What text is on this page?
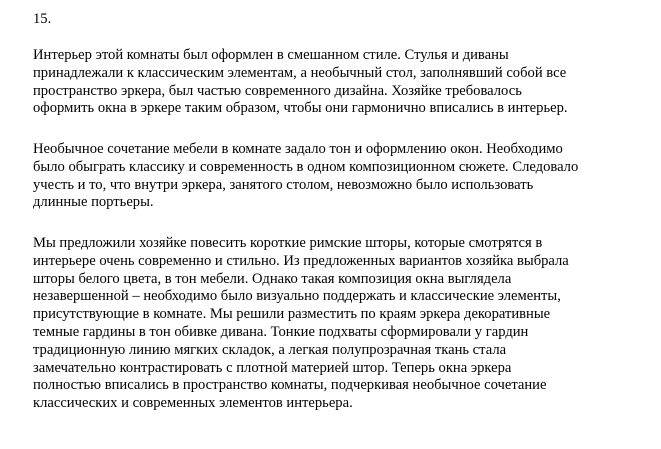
15.
Интерьер этой комнаты был оформлен в смешанном стиле. Стулья и диваны
принадлежали к классическим элементам, а необычный стол, заполнявший собой все
пространство эркера, был частью современного дизайна. Хозяйке требовалось
оформить окна в эркере таким образом, чтобы они гармонично вписались в интерьер.
Необычное сочетание мебели в комнате задало тон и оформлению окон. Необходимо
было обыграть классику и современность в одном композиционном сюжете. Следовало
учесть и то, что внутри эркера, занятого столом, невозможно было использовать
длинные портьеры.
Мы предложили хозяйке повесить короткие римские шторы, которые смотрятся в
интерьере очень современно и стильно. Из предложенных вариантов хозяйка выбрала
шторы белого цвета, в тон мебели. Однако такая композиция окна выглядела
незавершенной – необходимо было визуально поддержать и классические элементы,
присутствующие в комнате. Мы решили разместить по краям эркера декоративные
темные гардины в тон обивке дивана. Тонкие подхваты сформировали у гардин
традиционную линию мягких складок, а легкая полупрозрачная ткань стала
замечательно контрастировать с плотной материей штор. Теперь окна эркера
полностью вписались в пространство комнаты, подчеркивая необычное сочетание
классических и современных элементов интерьера.
